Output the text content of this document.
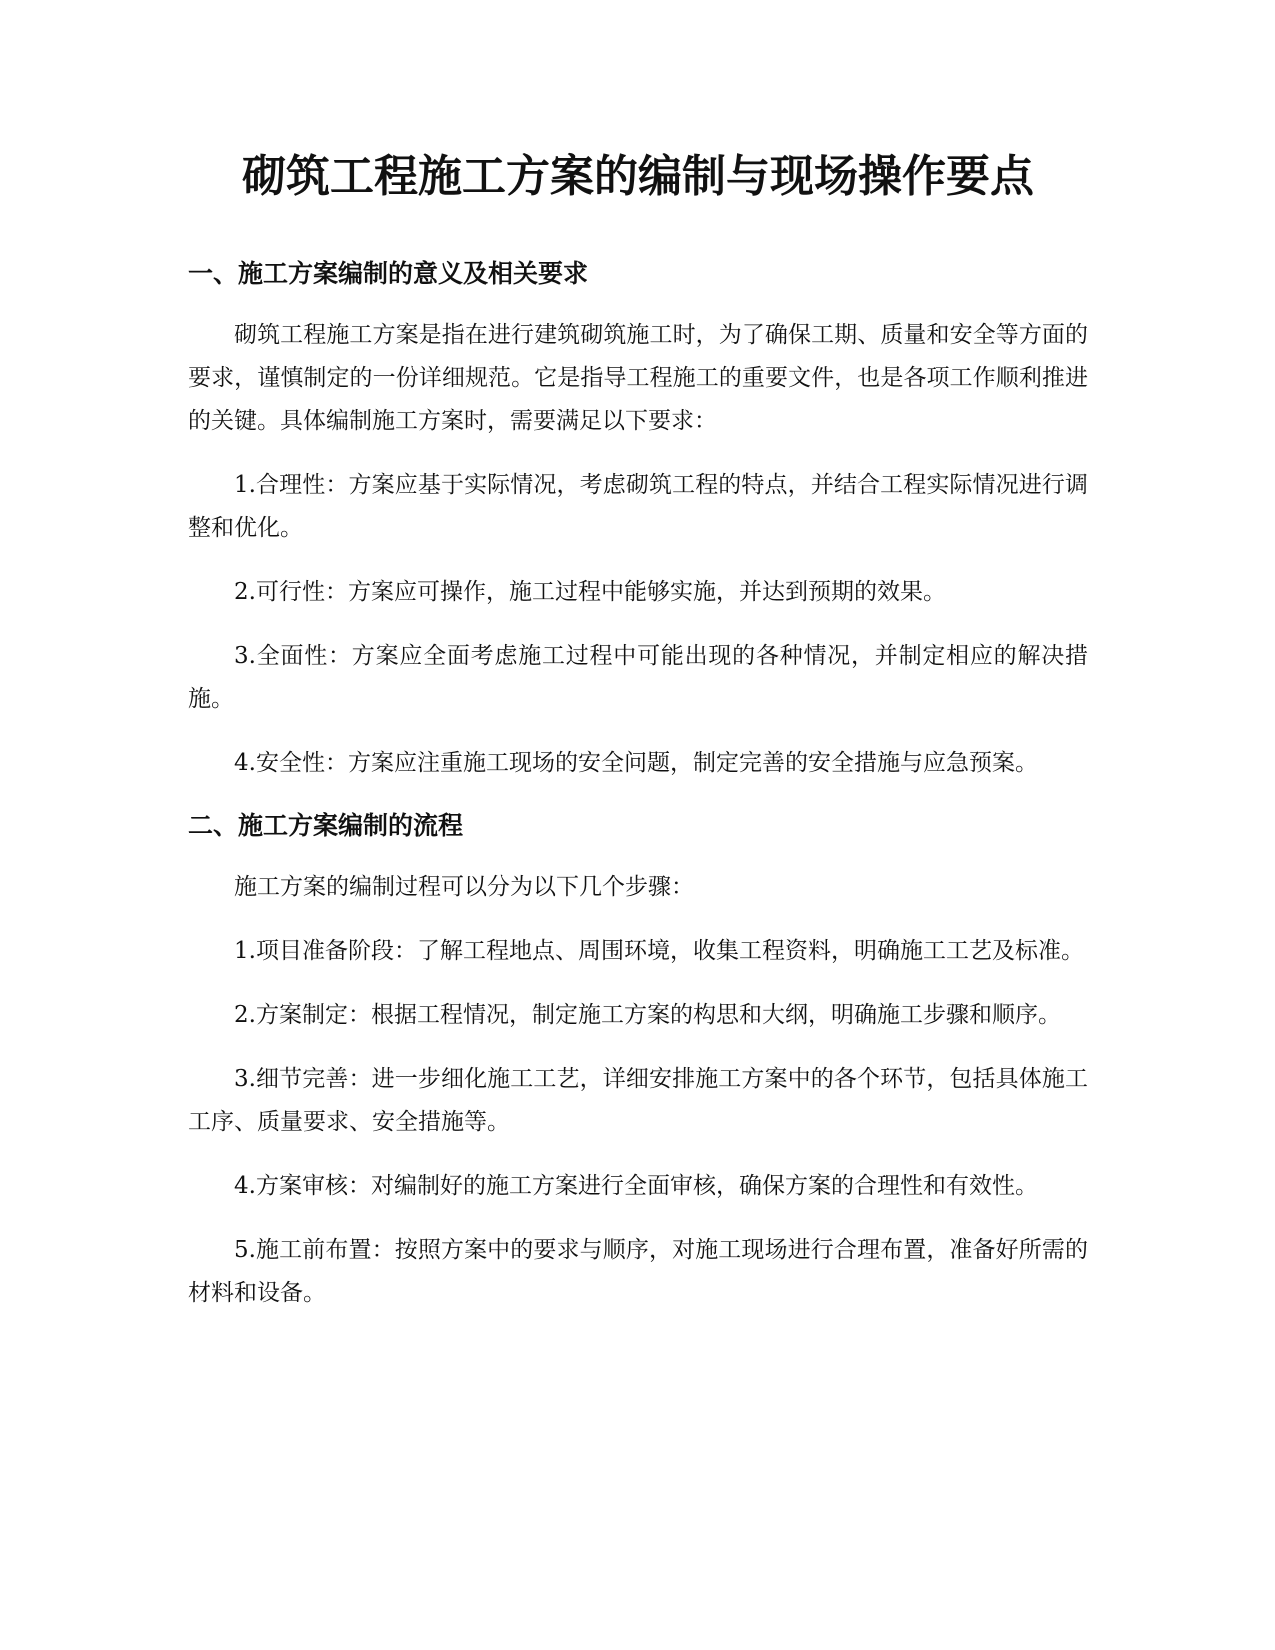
砌筑工程施工方案的编制与现场操作要点
一、施工方案编制的意义及相关要求

砌筑工程施工方案是指在进行建筑砌筑施工时，为了确保工期、质量和安全等方面的要求，谨慎制定的一份详细规范。它是指导工程施工的重要文件，也是各项工作顺利推进的关键。具体编制施工方案时，需要满足以下要求：

1.合理性：方案应基于实际情况，考虑砌筑工程的特点，并结合工程实际情况进行调整和优化。

2.可行性：方案应可操作，施工过程中能够实施，并达到预期的效果。

3.全面性：方案应全面考虑施工过程中可能出现的各种情况，并制定相应的解决措施。

4.安全性：方案应注重施工现场的安全问题，制定完善的安全措施与应急预案。

二、施工方案编制的流程

施工方案的编制过程可以分为以下几个步骤：

1.项目准备阶段：了解工程地点、周围环境，收集工程资料，明确施工工艺及标准。

2.方案制定：根据工程情况，制定施工方案的构思和大纲，明确施工步骤和顺序。

3.细节完善：进一步细化施工工艺，详细安排施工方案中的各个环节，包括具体施工工序、质量要求、安全措施等。

4.方案审核：对编制好的施工方案进行全面审核，确保方案的合理性和有效性。

5.施工前布置：按照方案中的要求与顺序，对施工现场进行合理布置，准备好所需的材料和设备。
